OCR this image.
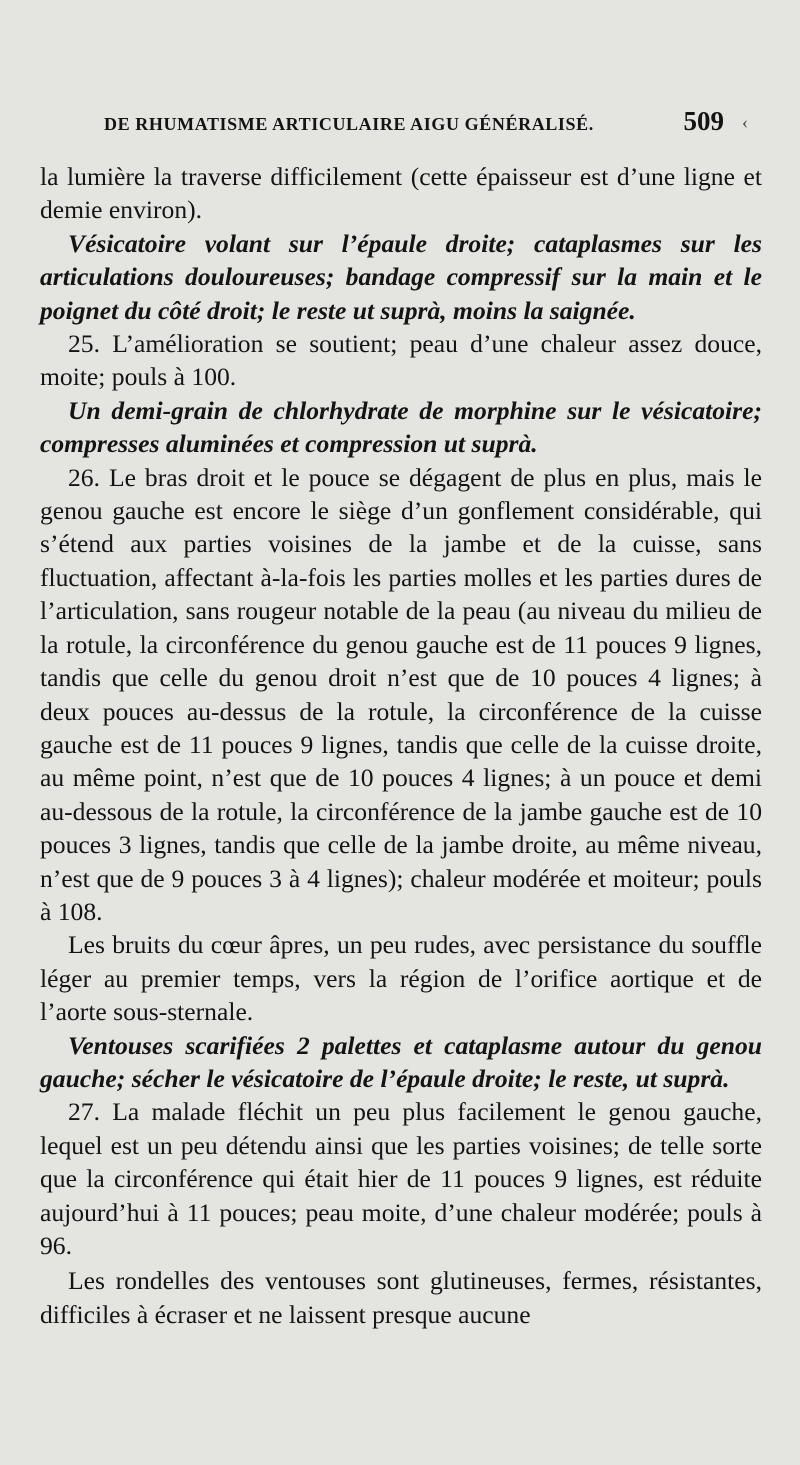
DE RHUMATISME ARTICULAIRE AIGU GÉNÉRALISÉ.	509 ‹

la lumière la traverse difficilement (cette épaisseur est d’une ligne et demie environ).

Vésicatoire volant sur l’épaule droite; cataplasmes sur les articulations douloureuses; bandage compressif sur la main et le poignet du côté droit; le reste ut suprà, moins la saignée.

25. L’amélioration se soutient; peau d’une chaleur assez douce, moite; pouls à 100.

Un demi-grain de chlorhydrate de morphine sur le vésicatoire; compresses aluminées et compression ut suprà.

26. Le bras droit et le pouce se dégagent de plus en plus, mais le genou gauche est encore le siège d’un gonflement considérable, qui s’étend aux parties voisines de la jambe et de la cuisse, sans fluctuation, affectant à-la-fois les parties molles et les parties dures de l’articulation, sans rougeur notable de la peau (au niveau du milieu de la rotule, la circonférence du genou gauche est de 11 pouces 9 lignes, tandis que celle du genou droit n’est que de 10 pouces 4 lignes; à deux pouces au-dessus de la rotule, la circonférence de la cuisse gauche est de 11 pouces 9 lignes, tandis que celle de la cuisse droite, au même point, n’est que de 10 pouces 4 lignes; à un pouce et demi au-dessous de la rotule, la circonférence de la jambe gauche est de 10 pouces 3 lignes, tandis que celle de la jambe droite, au même niveau, n’est que de 9 pouces 3 à 4 lignes); chaleur modérée et moiteur; pouls à 108.

Les bruits du cœur âpres, un peu rudes, avec persistance du souffle léger au premier temps, vers la région de l’orifice aortique et de l’aorte sous-sternale.

Ventouses scarifiées 2 palettes et cataplasme autour du genou gauche; sécher le vésicatoire de l’épaule droite; le reste, ut suprà.

27. La malade fléchit un peu plus facilement le genou gauche, lequel est un peu détendu ainsi que les parties voisines; de telle sorte que la circonférence qui était hier de 11 pouces 9 lignes, est réduite aujourd’hui à 11 pouces; peau moite, d’une chaleur modérée; pouls à 96.

Les rondelles des ventouses sont glutineuses, fermes, résistantes, difficiles à écraser et ne laissent presque aucune
